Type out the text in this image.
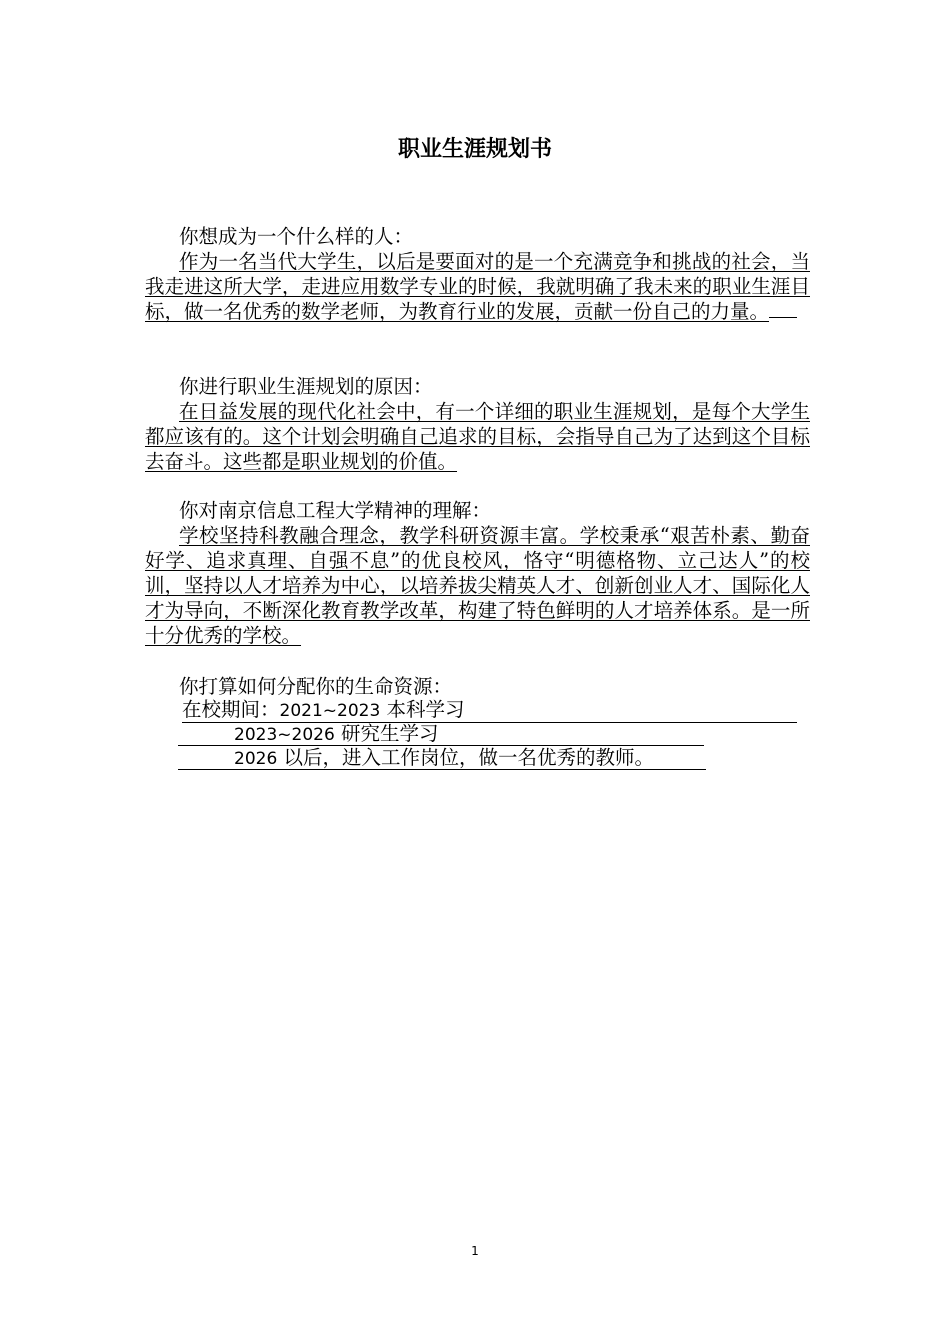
职业生涯规划书
你想成为一个什么样的人：
作为一名当代大学生，以后是要面对的是一个充满竞争和挑战的社会，当我走进这所大学，走进应用数学专业的时候，我就明确了我未来的职业生涯目标，做一名优秀的数学老师，为教育行业的发展，贡献一份自己的力量。
你进行职业生涯规划的原因：
在日益发展的现代化社会中，有一个详细的职业生涯规划，是每个大学生都应该有的。这个计划会明确自己追求的目标，会指导自己为了达到这个目标去奋斗。这些都是职业规划的价值。
你对南京信息工程大学精神的理解：
学校坚持科教融合理念，教学科研资源丰富。学校秉承“艰苦朴素、勤奋好学、追求真理、自强不息”的优良校风，恪守“明德格物、立己达人”的校训，坚持以人才培养为中心，以培养拔尖精英人才、创新创业人才、国际化人才为导向，不断深化教育教学改革，构建了特色鲜明的人才培养体系。是一所十分优秀的学校。
你打算如何分配你的生命资源：
在校期间：2021~2023 本科学习
2023~2026 研究生学习
2026 以后，进入工作岗位，做一名优秀的教师。
1
